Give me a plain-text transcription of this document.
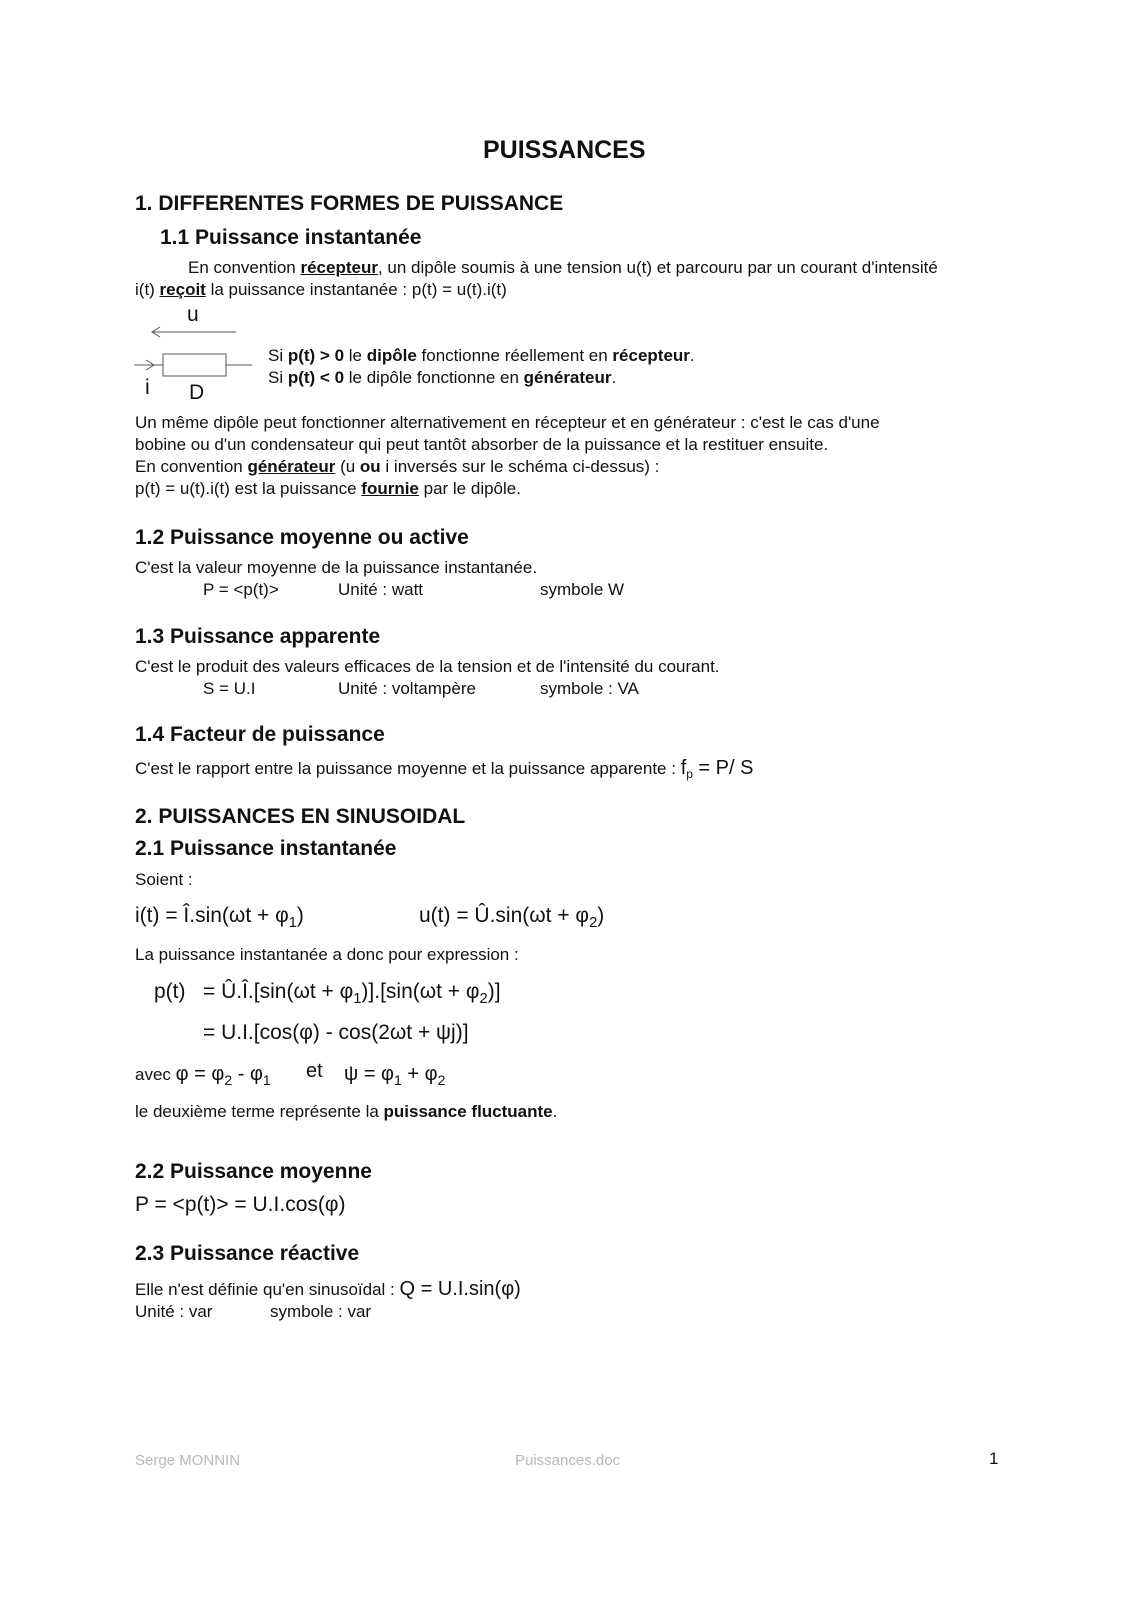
PUISSANCES
1. DIFFERENTES FORMES DE PUISSANCE
1.1 Puissance instantanée
En convention récepteur, un dipôle soumis à une tension u(t) et parcouru par un courant d'intensité
i(t) reçoit la puissance instantanée : p(t) = u(t).i(t)
u
i D
Si p(t) > 0 le dipôle fonctionne réellement en récepteur.
Si p(t) < 0 le dipôle fonctionne en générateur.
Un même dipôle peut fonctionner alternativement en récepteur et en générateur : c'est le cas d'une
bobine ou d'un condensateur qui peut tantôt absorber de la puissance et la restituer ensuite.
En convention générateur (u ou i inversés sur le schéma ci-dessus) :
p(t) = u(t).i(t) est la puissance fournie par le dipôle.
1.2 Puissance moyenne ou active
C'est la valeur moyenne de la puissance instantanée.
P = <p(t)>	Unité : watt	symbole W
1.3 Puissance apparente
C'est le produit des valeurs efficaces de la tension et de l'intensité du courant.
S = U.I	Unité : voltampère	symbole : VA
1.4 Facteur de puissance
C'est le rapport entre la puissance moyenne et la puissance apparente : $f_p = P/$ S
2. PUISSANCES EN SINUSOIDAL
2.1 Puissance instantanée
Soient :
i(t) = Î.sin(ωt + $\varphi_1$)	u(t) = Û.sin(ωt + $\varphi_2$)
La puissance instantanée a donc pour expression :
p(t)   = Û.Î.[sin(ωt + $\varphi_1)].[\sin(\omega t + \varphi_2)]$
= U.I.[cos(φ) - cos(2ωt + ψj)]
avec $\varphi = \varphi_2 - \varphi_1$ et $\psi = \varphi_1 + \varphi_2$
le deuxième terme représente la puissance fluctuante.
2.2 Puissance moyenne
P = <p(t)> = U.I.cos(φ)
2.3 Puissance réactive
Elle n'est définie qu'en sinusoïdal : Q = U.I.sin(φ)
Unité : var	symbole : var
Serge MONNIN	Puissances.doc	1
